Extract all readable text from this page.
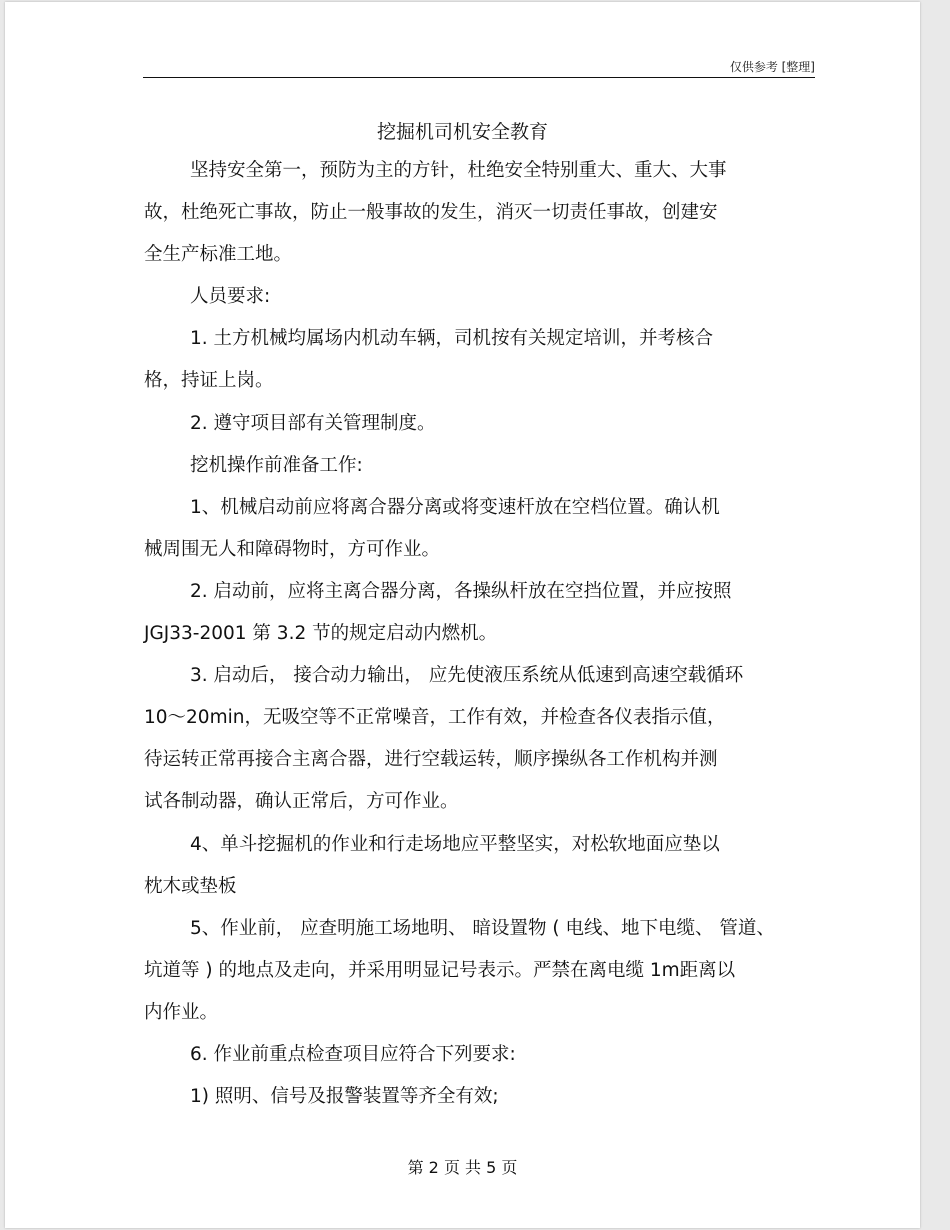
仅供参考 [整理]
挖掘机司机安全教育
坚持安全第一，预防为主的方针，杜绝安全特别重大、重大、大事
故，杜绝死亡事故，防止一般事故的发生，消灭一切责任事故，创建安
全生产标准工地。
人员要求:
1. 土方机械均属场内机动车辆，司机按有关规定培训，并考核合
格，持证上岗。
2. 遵守项目部有关管理制度。
挖机操作前准备工作:
1、机械启动前应将离合器分离或将变速杆放在空档位置。确认机
械周围无人和障碍物时，方可作业。
2. 启动前，应将主离合器分离，各操纵杆放在空挡位置，并应按照
JGJ33-2001 第 3.2 节的规定启动内燃机。
3. 启动后， 接合动力输出， 应先使液压系统从低速到高速空载循环
10～20min，无吸空等不正常噪音，工作有效，并检查各仪表指示值，
待运转正常再接合主离合器，进行空载运转，顺序操纵各工作机构并测
试各制动器，确认正常后，方可作业。
4、单斗挖掘机的作业和行走场地应平整坚实，对松软地面应垫以
枕木或垫板
5、作业前， 应查明施工场地明、 暗设置物 ( 电线、地下电缆、 管道、
坑道等 ) 的地点及走向，并采用明显记号表示。严禁在离电缆 1m距离以
内作业。
6. 作业前重点检查项目应符合下列要求:
1) 照明、信号及报警装置等齐全有效;
第 2 页 共 5 页
